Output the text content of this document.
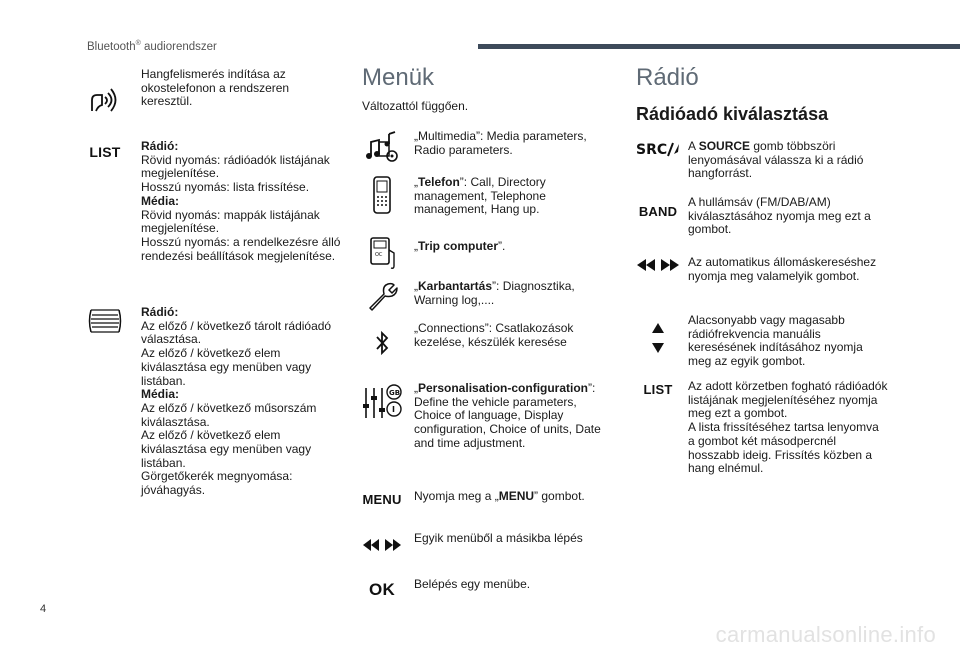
Bluetooth® audiorendszer
Hangfelismerés indítása az okostelefonon a rendszeren keresztül.
LIST Rádió:
Rövid nyomás: rádióadók listájának megjelenítése.
Hosszú nyomás: lista frissítése.
Média:
Rövid nyomás: mappák listájának megjelenítése.
Hosszú nyomás: a rendelkezésre álló rendezési beállítások megjelenítése.
Rádió:
Az előző / következő tárolt rádióadó választása.
Az előző / következő elem kiválasztása egy menüben vagy listában.
Média:
Az előző / következő műsorszám kiválasztása.
Az előző / következő elem kiválasztása egy menüben vagy listában.
Görgetőkerék megnyomása: jóváhagyás.
Menük
Változattól függően.
„Multimedia”: Media parameters, Radio parameters.
„Telefon”: Call, Directory management, Telephone management, Hang up.
OC
„Trip computer”.
„Karbantartás”: Diagnosztika, Warning log,....
„Connections”: Csatlakozások kezelése, készülék keresése
GB
I
„Personalisation-configuration”: Define the vehicle parameters, Choice of language, Display configuration, Choice of units, Date and time adjustment.
MENU Nyomja meg a „MENU” gombot.
Egyik menüből a másikba lépés
OK Belépés egy menübe.
Rádió
Rádióadó kiválasztása
SRC A SOURCE gomb többszöri lenyomásával válassza ki a rádió hangforrást.
BAND
A hullámsáv (FM/DAB/AM) kiválasztásához nyomja meg ezt a gombot.
Az automatikus állomáskereséshez nyomja meg valamelyik gombot.
Alacsonyabb vagy magasabb rádiófrekvencia manuális keresésének indításához nyomja meg az egyik gombot.
LIST Az adott körzetben fogható rádióadók listájának megjelenítéséhez nyomja meg ezt a gombot.
A lista frissítéséhez tartsa lenyomva a gombot két másodpercnél hosszabb ideig. Frissítés közben a hang elnémul.
4
carmanualsonline.info
